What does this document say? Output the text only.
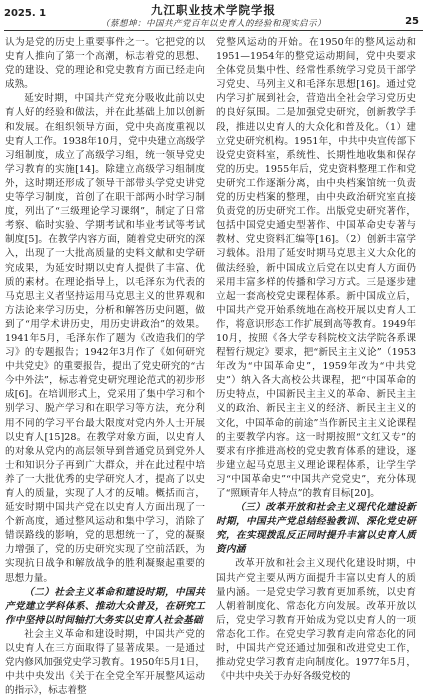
2025. 1	九江职业技术学院学报
（蔡想坤：中国共产党百年以史育人的经验和现实启示）	25

认为是党的历史上重要事件之一。它把党的以史育人推向了第一个高潮，标志着党的思想、党的建设、党的理论和党史教育方面已经走向成熟。

延安时期，中国共产党充分吸收此前以史育人好的经验和做法，并在此基础上加以创新和发展。在组织领导方面，党中央高度重视以史育人工作。1938年10月，党中央建立高级学习组制度，成立了高级学习组，统一领导党史学习教育的实施[14]。除建立高级学习组制度外，这时期还形成了领导干部带头学党史讲党史等学习制度，首创了在职干部两小时学习制度，列出了“三级理论学习课纲”，制定了日常考察、临时实验、学期考试和毕业考试等考试制度[5]。在教学内容方面，随着党史研究的深入，出现了一大批高质量的史料文献和史学研究成果，为延安时期以史育人提供了丰富、优质的素材。在理论指导上，以毛泽东为代表的马克思主义者坚持运用马克思主义的世界观和方法论来学习历史，分析和解答历史问题，做到了“用学术讲历史，用历史讲政治”的效果。1941年5月，毛泽东作了题为《改造我们的学习》的专题报告；1942年3月作了《如何研究中共党史》的重要报告，提出了党史研究的“古今中外法”，标志着党史研究理论范式的初步形成[6]。在培训形式上，党采用了集中学习和个别学习、脱产学习和在职学习等方法，充分利用不同的学习平台最大限度对党内外人士开展以史育人[15]28。在教学对象方面，以史育人的对象从党内的高层领导到普通党员到党外人士和知识分子再到广大群众，并在此过程中培养了一大批优秀的史学研究人才，提高了以史育人的质量，实现了人才的反哺。概括而言，延安时期中国共产党在以史育人方面出现了一个新高度，通过整风运动和集中学习，消除了错误路线的影响，党的思想统一了，党的凝聚力增强了，党的历史研究实现了空前活跃，为实现抗日战争和解放战争的胜利凝聚起重要的思想力量。

（二）社会主义革命和建设时期，中国共产党建立学科体系、推动大众普及，在研究工作中坚持以时间轴打大务实以史育人社会基础

社会主义革命和建设时期，中国共产党的以史育人在三方面取得了显著成果。一是通过党内修风加强党史学习教育。1950年5月1日，中共中央发出《关于在全党全军开展整风运动的指示》，标志着整

党整风运动的开始。在1950年的整风运动和1951—1954年的整党运动期间，党中央要求全体党员集中性、经常性系统学习党员干部学习党史、马列主义和毛泽东思想[16]。通过党内学习扩展到社会，营造出全社会学习党历史的良好氛围。二是加强党史研究，创新教学手段，推进以史育人的大众化和普及化。（1）建立党史研究机构。1951年，中共中央宣传部下设党史资料室，系统性、长期性地收集和保存党的历史。1955年后，党史资料整理工作和党史研究工作逐渐分离，由中央档案馆统一负责党的历史档案的整理，由中央政治研究室直接负责党的历史研究工作。出版党史研究著作，包括中国党史通史型著作、中国革命史专著与教材、党史资料汇编等[16]。（2）创新丰富学习载体。沿用了延安时期马克思主义大众化的做法经验，新中国成立后党在以史育人方面仍采用丰富多样的传播和学习方式。三是逐步建立起一套高校党史课程体系。新中国成立后，中国共产党开始系统地在高校开展以史育人工作，将意识形态工作扩展到高等教育。1949年10月，按照《各大学专科院校文法学院各系课程暂行规定》要求，把“新民主主义论”（1953年改为“中国革命史”，1959年改为“中共党史”）纳入各大高校公共课程，把“中国革命的历史特点，中国新民主主义的革命、新民主主义的政治、新民主主义的经济、新民主主义的文化，中国革命的前途”当作新民主主义论课程的主要教学内容。这一时期按照“文红又专”的要求有序推进高校的党史教育体系的建设，逐步建立起马克思主义理论课程体系，让学生学习“中国革命史”“中国共产党党史”，充分体现了“照顾青年人特点”的教育目标[20]。

（三）改革开放和社会主义现代化建设新时期，中国共产党总结经验教训、深化党史研究，在实现拨乱反正同时提升丰富以史育人质资内涵

改革开放和社会主义现代化建设时期，中国共产党主要从两方面提升丰富以史育人的质量内涵。一是党史学习教育更加系统，以史育人朝着制度化、常态化方向发展。改革开放以后，党史学习教育开始成为党以史育人的一项常态化工作。在党史学习教育走向常态化的同时，中国共产党还通过加强和改进党史工作，推动党史学习教育走向制度化。1977年5月，《中共中央关于办好各级党校的
